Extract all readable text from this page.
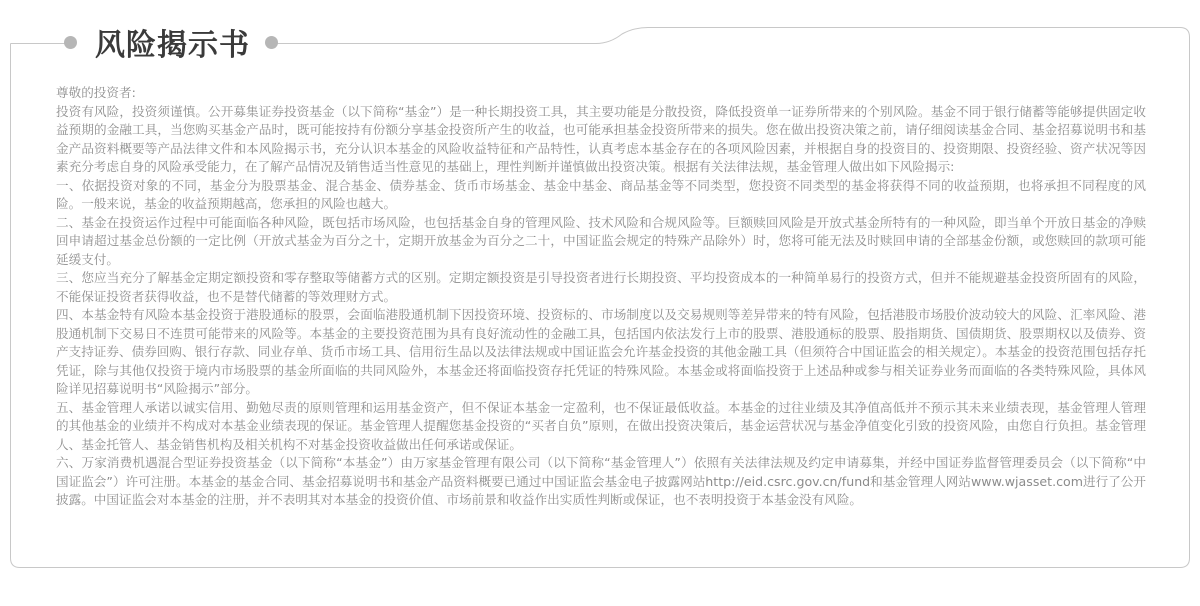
风险揭示书

尊敬的投资者:

投资有风险，投资须谨慎。公开募集证券投资基金（以下简称“基金”）是一种长期投资工具，其主要功能是分散投资，降低投资单一证券所带来的个别风险。基金不同于银行储蓄等能够提供固定收益预期的金融工具，当您购买基金产品时，既可能按持有份额分享基金投资所产生的收益，也可能承担基金投资所带来的损失。您在做出投资决策之前，请仔细阅读基金合同、基金招募说明书和基金产品资料概要等产品法律文件和本风险揭示书，充分认识本基金的风险收益特征和产品特性，认真考虑本基金存在的各项风险因素，并根据自身的投资目的、投资期限、投资经验、资产状况等因素充分考虑自身的风险承受能力，在了解产品情况及销售适当性意见的基础上，理性判断并谨慎做出投资决策。根据有关法律法规，基金管理人做出如下风险揭示:

一、依据投资对象的不同，基金分为股票基金、混合基金、债券基金、货币市场基金、基金中基金、商品基金等不同类型，您投资不同类型的基金将获得不同的收益预期，也将承担不同程度的风险。一般来说，基金的收益预期越高，您承担的风险也越大。

二、基金在投资运作过程中可能面临各种风险，既包括市场风险，也包括基金自身的管理风险、技术风险和合规风险等。巨额赎回风险是开放式基金所特有的一种风险，即当单个开放日基金的净赎回申请超过基金总份额的一定比例（开放式基金为百分之十，定期开放基金为百分之二十，中国证监会规定的特殊产品除外）时，您将可能无法及时赎回申请的全部基金份额，或您赎回的款项可能延缓支付。

三、您应当充分了解基金定期定额投资和零存整取等储蓄方式的区别。定期定额投资是引导投资者进行长期投资、平均投资成本的一种简单易行的投资方式，但并不能规避基金投资所固有的风险，不能保证投资者获得收益，也不是替代储蓄的等效理财方式。

四、本基金特有风险本基金投资于港股通标的股票，会面临港股通机制下因投资环境、投资标的、市场制度以及交易规则等差异带来的特有风险，包括港股市场股价波动较大的风险、汇率风险、港股通机制下交易日不连贯可能带来的风险等。本基金的主要投资范围为具有良好流动性的金融工具，包括国内依法发行上市的股票、港股通标的股票、股指期货、国债期货、股票期权以及债券、资产支持证券、债券回购、银行存款、同业存单、货币市场工具、信用衍生品以及法律法规或中国证监会允许基金投资的其他金融工具（但须符合中国证监会的相关规定）。本基金的投资范围包括存托凭证，除与其他仅投资于境内市场股票的基金所面临的共同风险外，本基金还将面临投资存托凭证的特殊风险。本基金或将面临投资于上述品种或参与相关证券业务而面临的各类特殊风险，具体风险详见招募说明书“风险揭示”部分。

五、基金管理人承诺以诚实信用、勤勉尽责的原则管理和运用基金资产，但不保证本基金一定盈利，也不保证最低收益。本基金的过往业绩及其净值高低并不预示其未来业绩表现，基金管理人管理的其他基金的业绩并不构成对本基金业绩表现的保证。基金管理人提醒您基金投资的“买者自负”原则，在做出投资决策后，基金运营状况与基金净值变化引致的投资风险，由您自行负担。基金管理人、基金托管人、基金销售机构及相关机构不对基金投资收益做出任何承诺或保证。

六、万家消费机遇混合型证券投资基金（以下简称“本基金”）由万家基金管理有限公司（以下简称“基金管理人”）依照有关法律法规及约定申请募集，并经中国证券监督管理委员会（以下简称“中国证监会”）许可注册。本基金的基金合同、基金招募说明书和基金产品资料概要已通过中国证监会基金电子披露网站http://eid.csrc.gov.cn/fund和基金管理人网站www.wjasset.com进行了公开披露。中国证监会对本基金的注册，并不表明其对本基金的投资价值、市场前景和收益作出实质性判断或保证，也不表明投资于本基金没有风险。
